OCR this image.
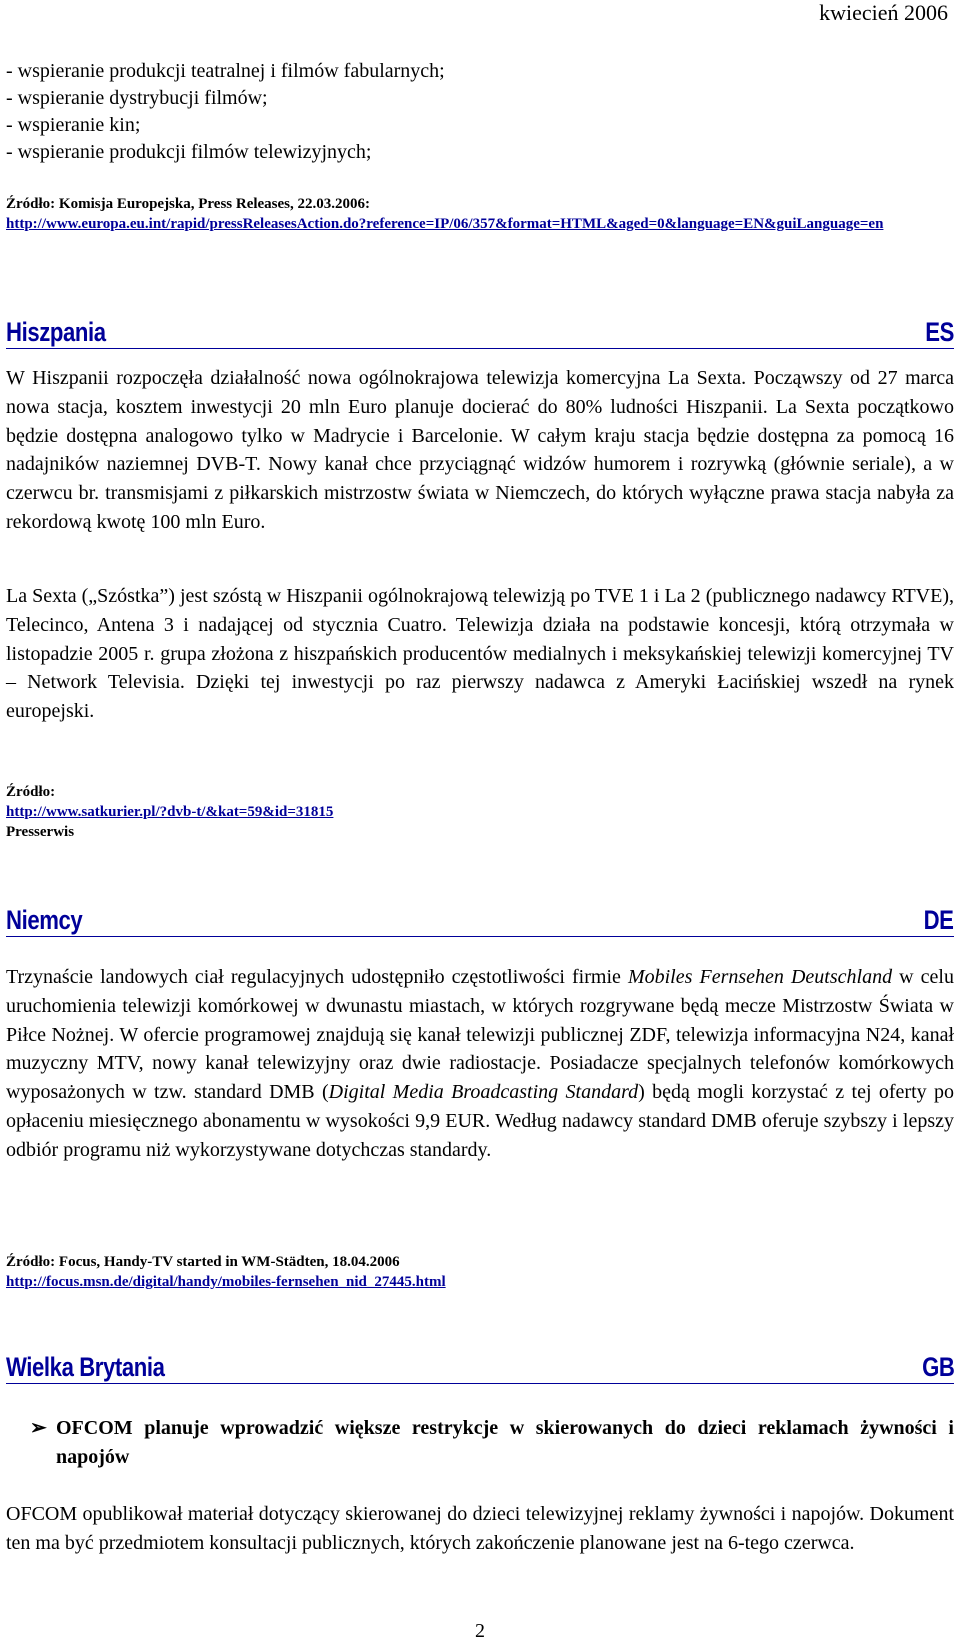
kwiecień 2006
- wspieranie produkcji teatralnej i filmów fabularnych;
- wspieranie dystrybucji filmów;
- wspieranie kin;
- wspieranie produkcji filmów telewizyjnych;
Źródło: Komisja Europejska, Press Releases, 22.03.2006:
http://www.europa.eu.int/rapid/pressReleasesAction.do?reference=IP/06/357&format=HTML&aged=0&language=EN&guiLanguage=en
Hiszpania	ES
W Hiszpanii rozpoczęła działalność nowa ogólnokrajowa telewizja komercyjna La Sexta. Począwszy od 27 marca nowa stacja, kosztem inwestycji 20 mln Euro planuje docierać do 80% ludności Hiszpanii. La Sexta początkowo będzie dostępna analogowo tylko w Madrycie i Barcelonie. W całym kraju stacja będzie dostępna za pomocą 16 nadajników naziemnej DVB-T. Nowy kanał chce przyciągnąć widzów humorem i rozrywką (głównie seriale), a w czerwcu br. transmisjami z piłkarskich mistrzostw świata w Niemczech, do których wyłączne prawa stacja nabyła za rekordową kwotę 100 mln Euro.
La Sexta („Szóstka”) jest szóstą w Hiszpanii ogólnokrajową telewizją po TVE 1 i La 2 (publicznego nadawcy RTVE), Telecinco, Antena 3 i nadającej od stycznia Cuatro. Telewizja działa na podstawie koncesji, którą otrzymała w listopadzie 2005 r. grupa złożona z hiszpańskich producentów medialnych i meksykańskiej telewizji komercyjnej TV – Network Televisia. Dzięki tej inwestycji po raz pierwszy nadawca z Ameryki Łacińskiej wszedł na rynek europejski.
Źródło:
http://www.satkurier.pl/?dvb-t/&kat=59&id=31815
Presserwis
Niemcy	DE
Trzynaście landowych ciał regulacyjnych udostępniło częstotliwości firmie Mobiles Fernsehen Deutschland w celu uruchomienia telewizji komórkowej w dwunastu miastach, w których rozgrywane będą mecze Mistrzostw Świata w Piłce Nożnej. W ofercie programowej znajdują się kanał telewizji publicznej ZDF, telewizja informacyjna N24, kanał muzyczny MTV, nowy kanał telewizyjny oraz dwie radiostacje. Posiadacze specjalnych telefonów komórkowych wyposażonych w tzw. standard DMB (Digital Media Broadcasting Standard) będą mogli korzystać z tej oferty po opłaceniu miesięcznego abonamentu w wysokości 9,9 EUR. Według nadawcy standard DMB oferuje szybszy i lepszy odbiór programu niż wykorzystywane dotychczas standardy.
Źródło: Focus, Handy-TV started in WM-Städten, 18.04.2006
http://focus.msn.de/digital/handy/mobiles-fernsehen_nid_27445.html
Wielka Brytania	GB
➢ OFCOM planuje wprowadzić większe restrykcje w skierowanych do dzieci reklamach żywności i napojów
OFCOM opublikował materiał dotyczący skierowanej do dzieci telewizyjnej reklamy żywności i napojów. Dokument ten ma być przedmiotem konsultacji publicznych, których zakończenie planowane jest na 6-tego czerwca.
2
